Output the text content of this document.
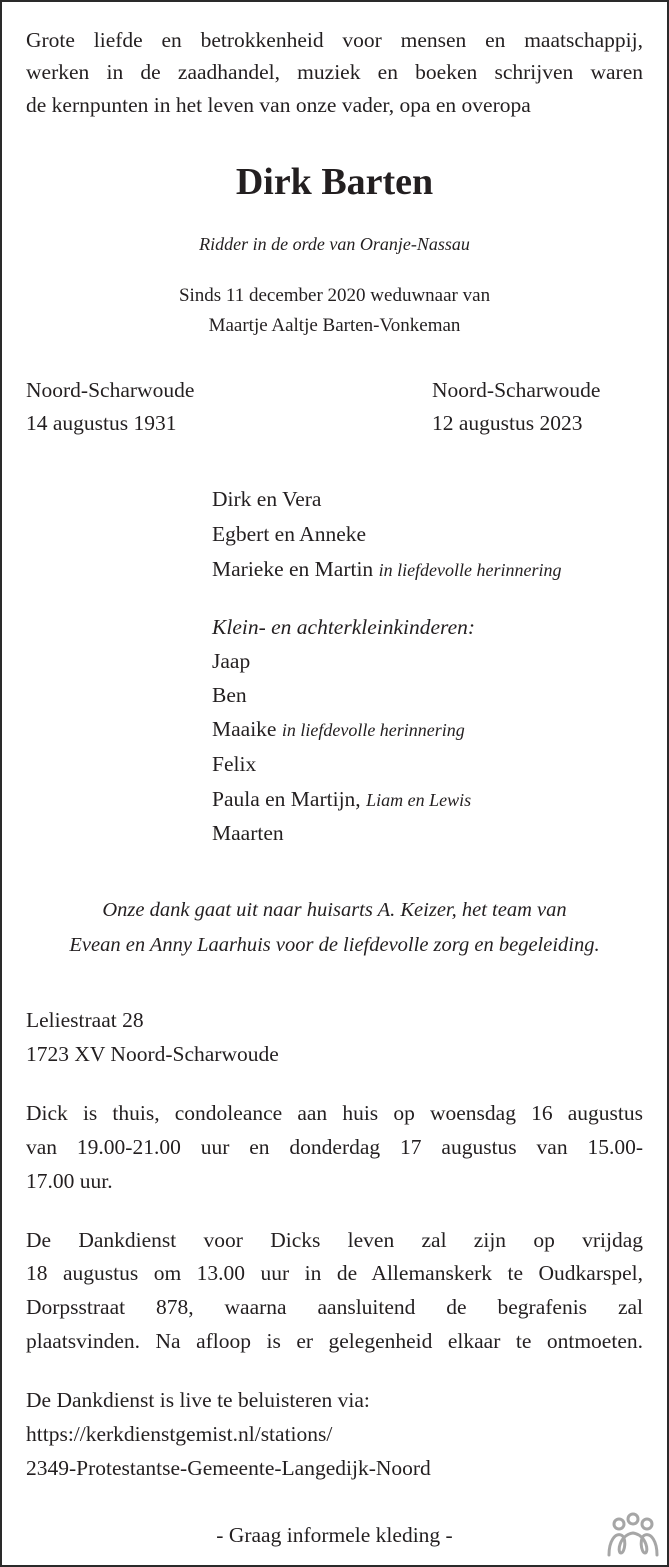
Grote liefde en betrokkenheid voor mensen en maatschappij,
werken in de zaadhandel, muziek en boeken schrijven waren
de kernpunten in het leven van onze vader, opa en overopa
Dirk Barten
Ridder in de orde van Oranje-Nassau
Sinds 11 december 2020 weduwnaar van
Maartje Aaltje Barten-Vonkeman
Noord-Scharwoude
14 augustus 1931
Noord-Scharwoude
12 augustus 2023
Dirk en Vera
Egbert en Anneke
Marieke en Martin in liefdevolle herinnering
Klein- en achterkleinkinderen:
Jaap
Ben
Maaike in liefdevolle herinnering
Felix
Paula en Martijn, Liam en Lewis
Maarten
Onze dank gaat uit naar huisarts A. Keizer, het team van
Evean en Anny Laarhuis voor de liefdevolle zorg en begeleiding.
Leliestraat 28
1723 XV Noord-Scharwoude
Dick is thuis, condoleance aan huis op woensdag 16 augustus
van 19.00-21.00 uur en donderdag 17 augustus van 15.00-
17.00 uur.
De Dankdienst voor Dicks leven zal zijn op vrijdag
18 augustus om 13.00 uur in de Allemanskerk te Oudkarspel,
Dorpsstraat 878, waarna aansluitend de begrafenis zal
plaatsvinden. Na afloop is er gelegenheid elkaar te ontmoeten.
De Dankdienst is live te beluisteren via:
https://kerkdienstgemist.nl/stations/
2349-Protestantse-Gemeente-Langedijk-Noord
- Graag informele kleding -
